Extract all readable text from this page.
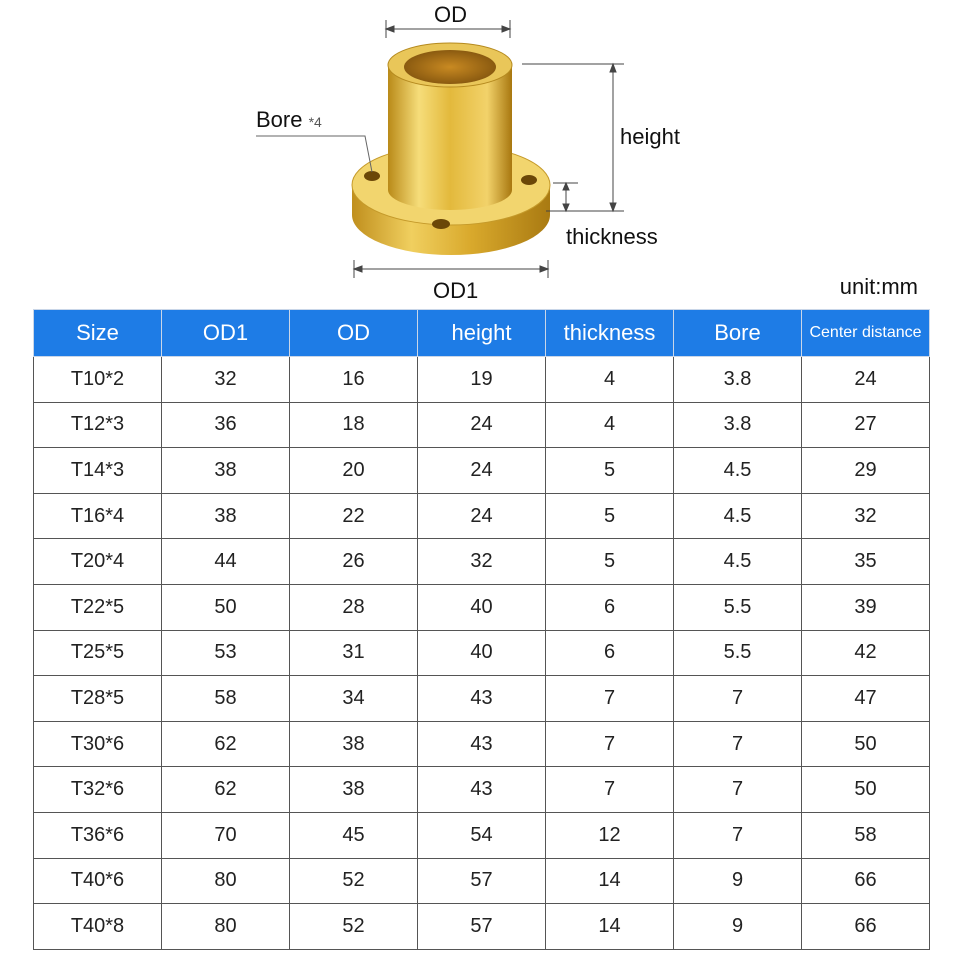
OD
Bore *4
height
thickness
OD1	unit:mm
Size	OD1	OD	height	thickness	Bore	Center distance
T10*2	32	16	19	4	3.8	24
T12*3	36	18	24	4	3.8	27
T14*3	38	20	24	5	4.5	29
T16*4	38	22	24	5	4.5	32
T20*4	44	26	32	5	4.5	35
T22*5	50	28	40	6	5.5	39
T25*5	53	31	40	6	5.5	42
T28*5	58	34	43	7	7	47
T30*6	62	38	43	7	7	50
T32*6	62	38	43	7	7	50
T36*6	70	45	54	12	7	58
T40*6	80	52	57	14	9	66
T40*8	80	52	57	14	9	66
